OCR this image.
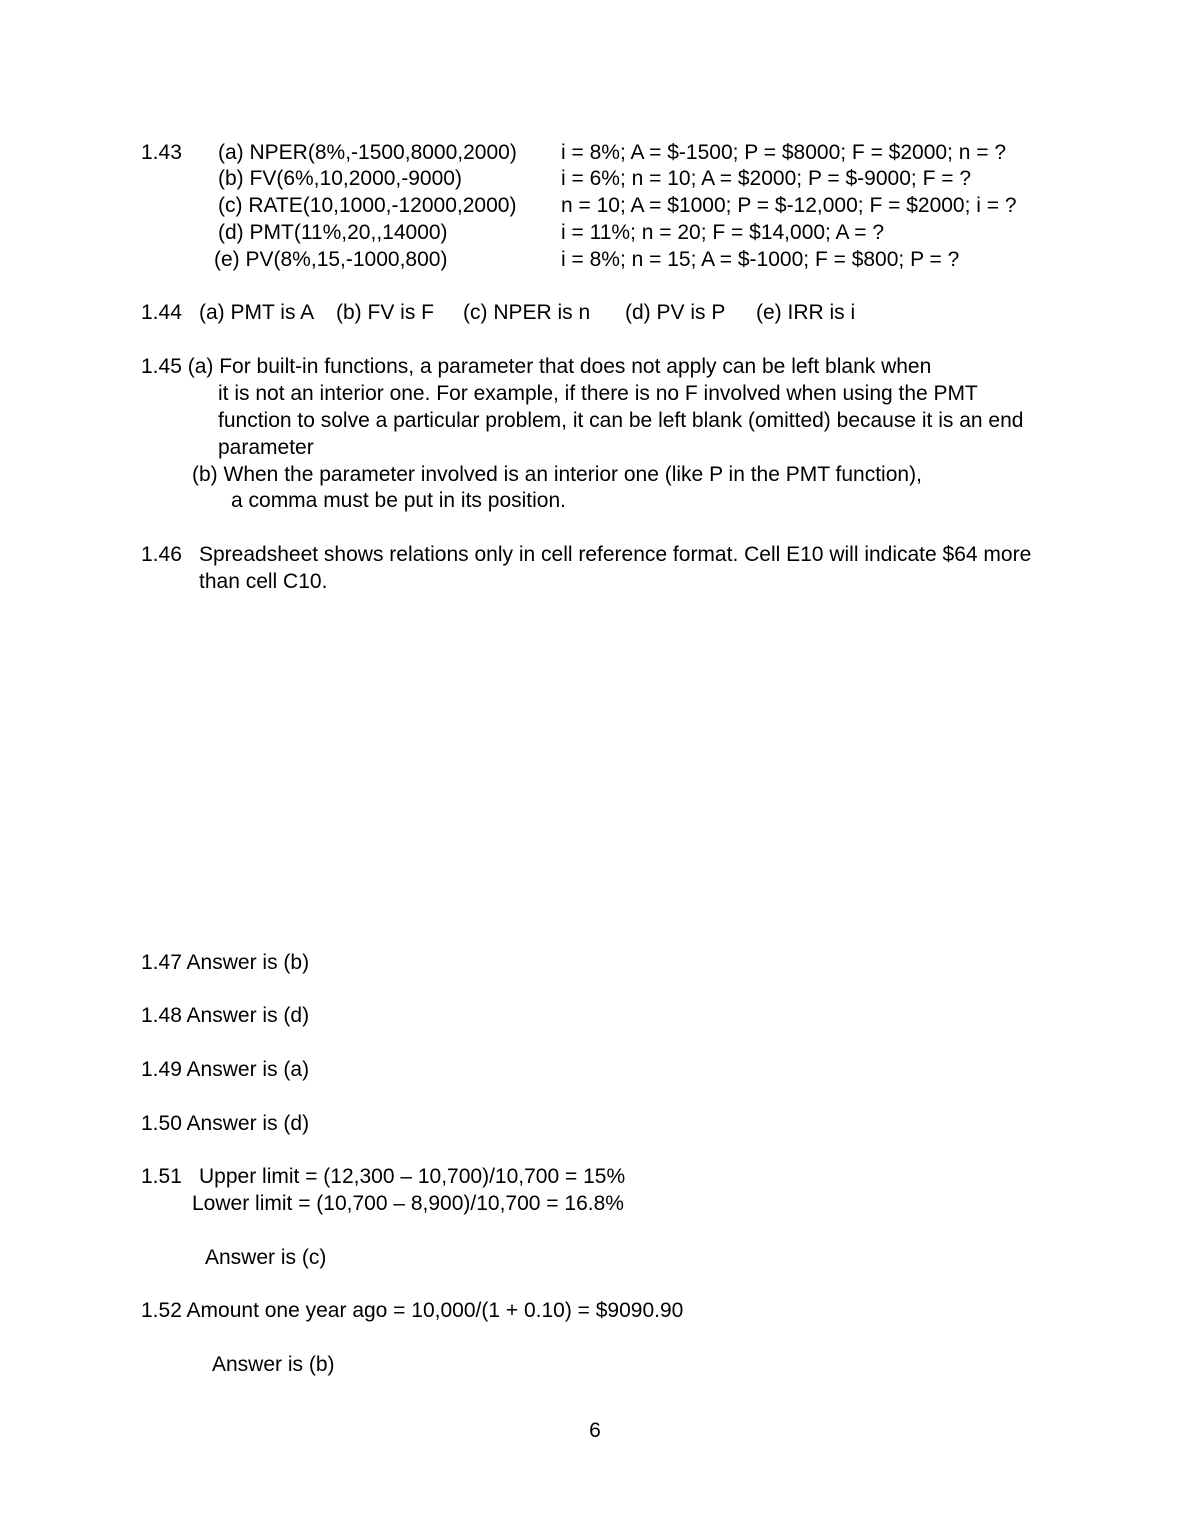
1.43 (a) NPER(8%,-1500,8000,2000) i = 8%; A = $-1500; P = $8000; F = $2000; n = ?
(b) FV(6%,10,2000,-9000)	i = 6%; n = 10; A = $2000; P = $-9000; F = ?
(c) RATE(10,1000,-12000,2000) n = 10; A = $1000; P = $-12,000; F = $2000; i = ?
(d) PMT(11%,20,,14000)	i = 11%; n = 20; F = $14,000; A = ?
(e) PV(8%,15,-1000,800)	i = 8%; n = 15; A = $-1000; F = $800; P = ?
1.44 (a) PMT is A (b) FV is F (c) NPER is n (d) PV is P (e) IRR is i
1.45 (a) For built-in functions, a parameter that does not apply can be left blank when
it is not an interior one. For example, if there is no F involved when using the PMT
function to solve a particular problem, it can be left blank (omitted) because it is an end
parameter
(b) When the parameter involved is an interior one (like P in the PMT function),
a comma must be put in its position.
1.46 Spreadsheet shows relations only in cell reference format. Cell E10 will indicate $64 more
than cell C10.
1.47 Answer is (b)
1.48 Answer is (d)
1.49 Answer is (a)
1.50 Answer is (d)
1.51 Upper limit = (12,300 – 10,700)/10,700 = 15%
Lower limit = (10,700 – 8,900)/10,700 = 16.8%
Answer is (c)
1.52 Amount one year ago = 10,000/(1 + 0.10) = $9090.90
Answer is (b)
6
